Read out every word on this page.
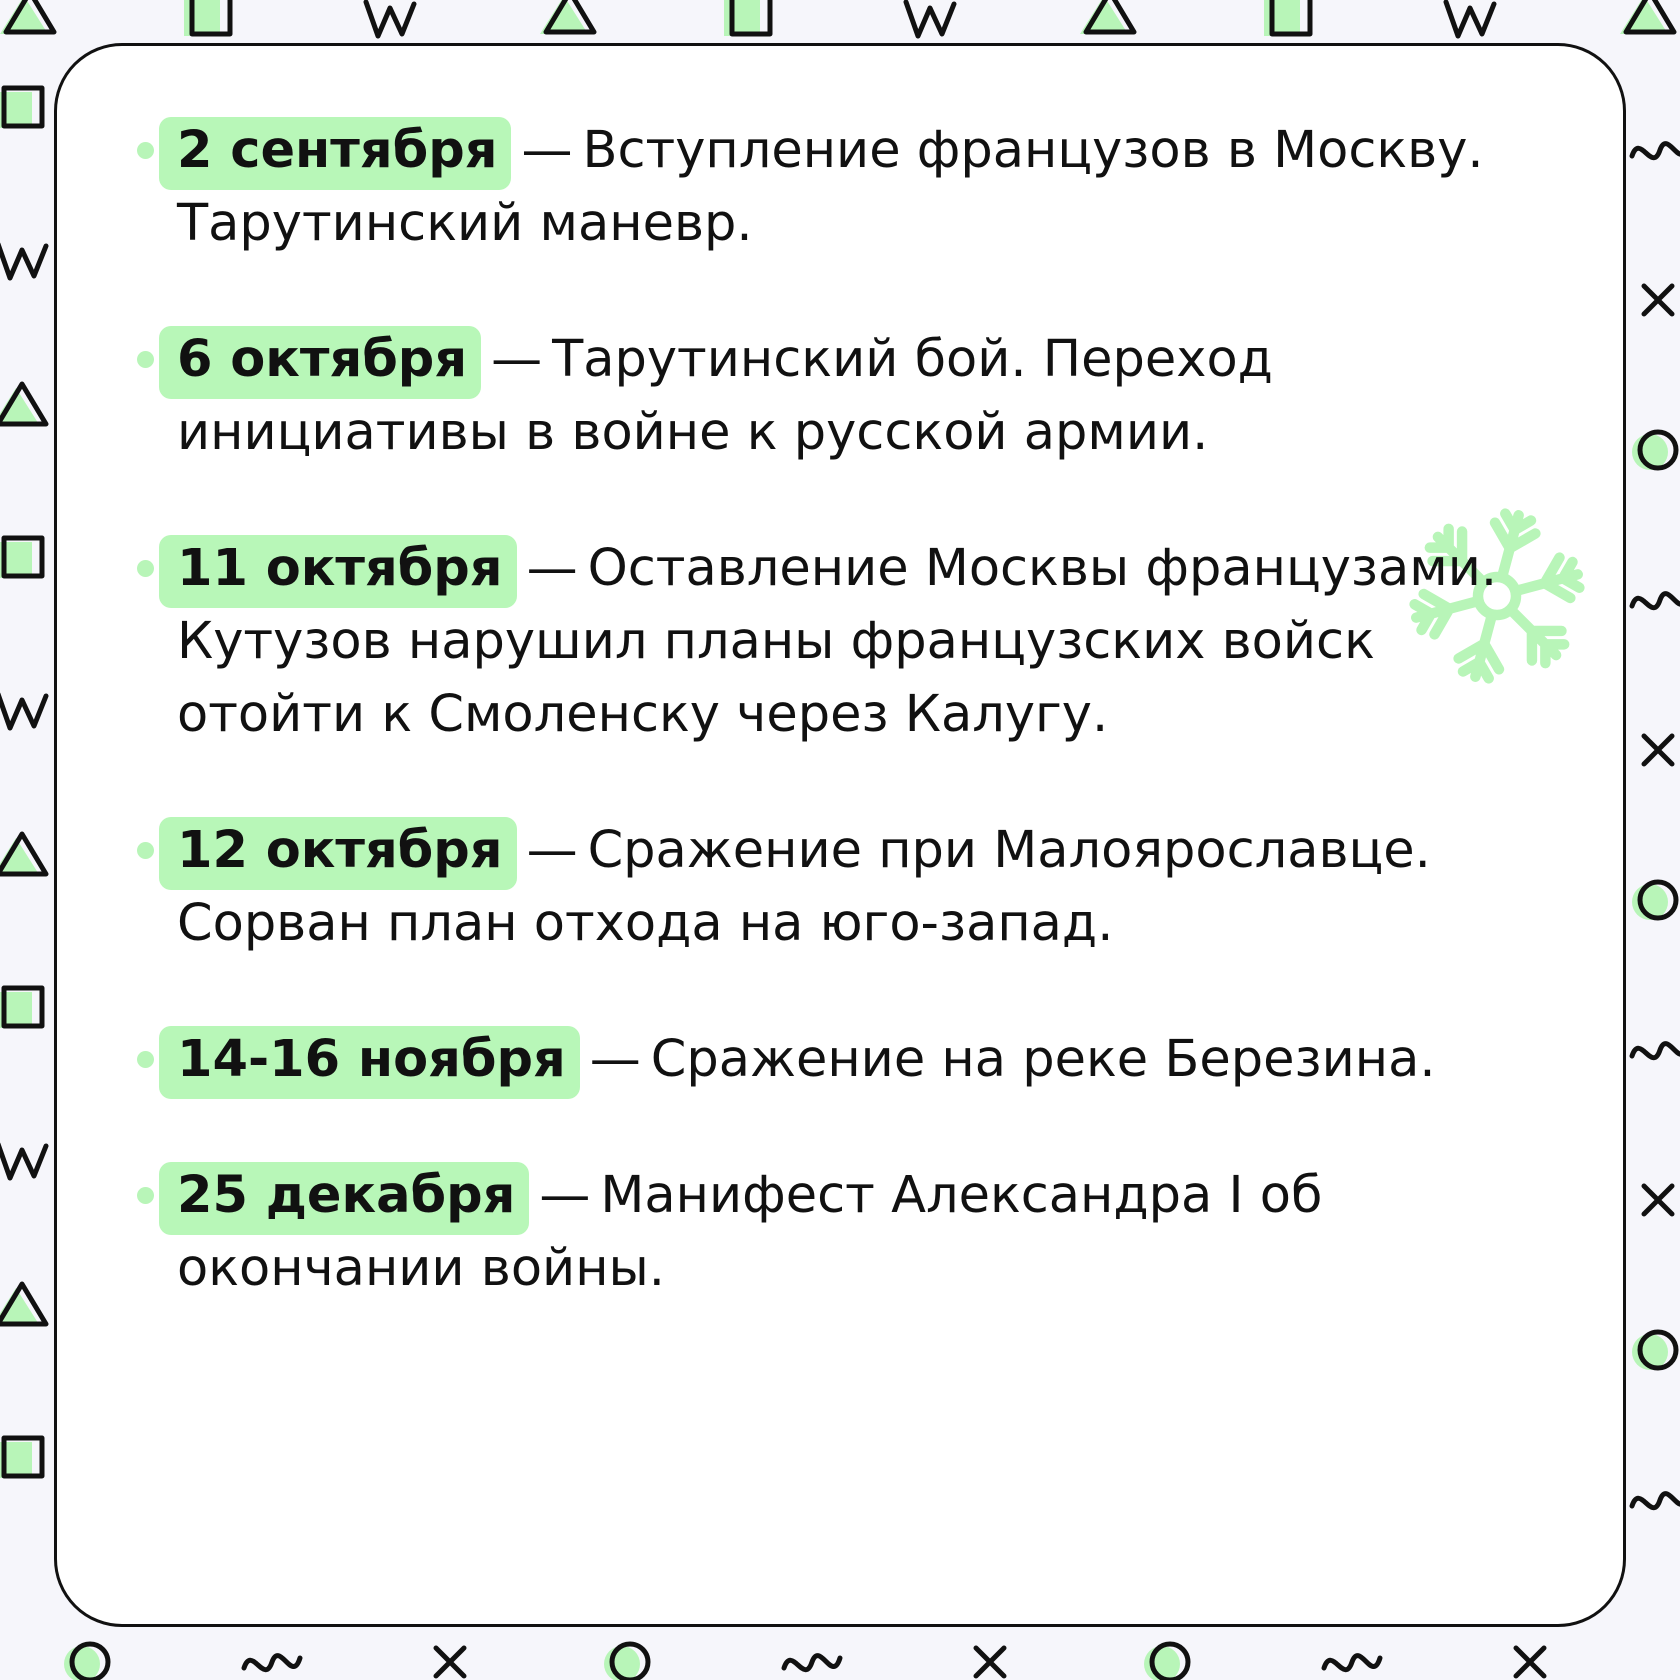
2 сентября — Вступление французов в Москву. Тарутинский маневр.
6 октября — Тарутинский бой. Переход инициативы в войне к русской армии.
11 октября — Оставление Москвы французами. Кутузов нарушил планы французских войск отойти к Смоленску через Калугу.
12 октября — Сражение при Малоярославце. Сорван план отхода на юго-запад.
14-16 ноября — Сражение на реке Березина.
25 декабря — Манифест Александра I об окончании войны.
